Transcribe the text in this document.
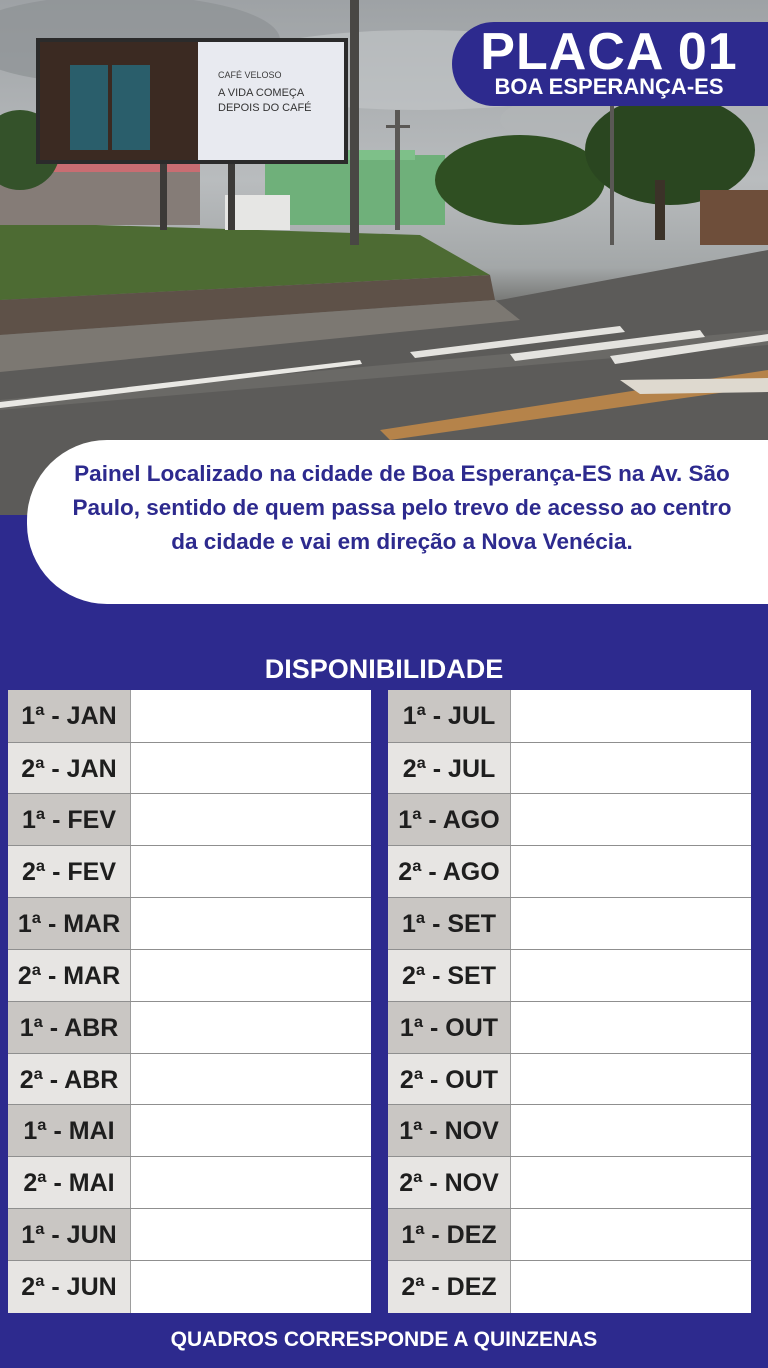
CAFÉ VELOSO
A VIDA COMEÇA
DEPOIS DO CAFÉ
PLACA 01
BOA ESPERANÇA-ES
Painel Localizado na cidade de Boa Esperança-ES na Av. São Paulo, sentido de quem passa pelo trevo de acesso ao centro da cidade e vai em direção a Nova Venécia.
DISPONIBILIDADE
1ª - JAN
2ª - JAN
1ª - FEV
2ª - FEV
1ª - MAR
2ª - MAR
1ª - ABR
2ª - ABR
1ª - MAI
2ª - MAI
1ª - JUN
2ª - JUN
1ª - JUL
2ª - JUL
1ª - AGO
2ª - AGO
1ª - SET
2ª - SET
1ª - OUT
2ª - OUT
1ª - NOV
2ª - NOV
1ª - DEZ
2ª - DEZ
QUADROS CORRESPONDE A QUINZENAS
